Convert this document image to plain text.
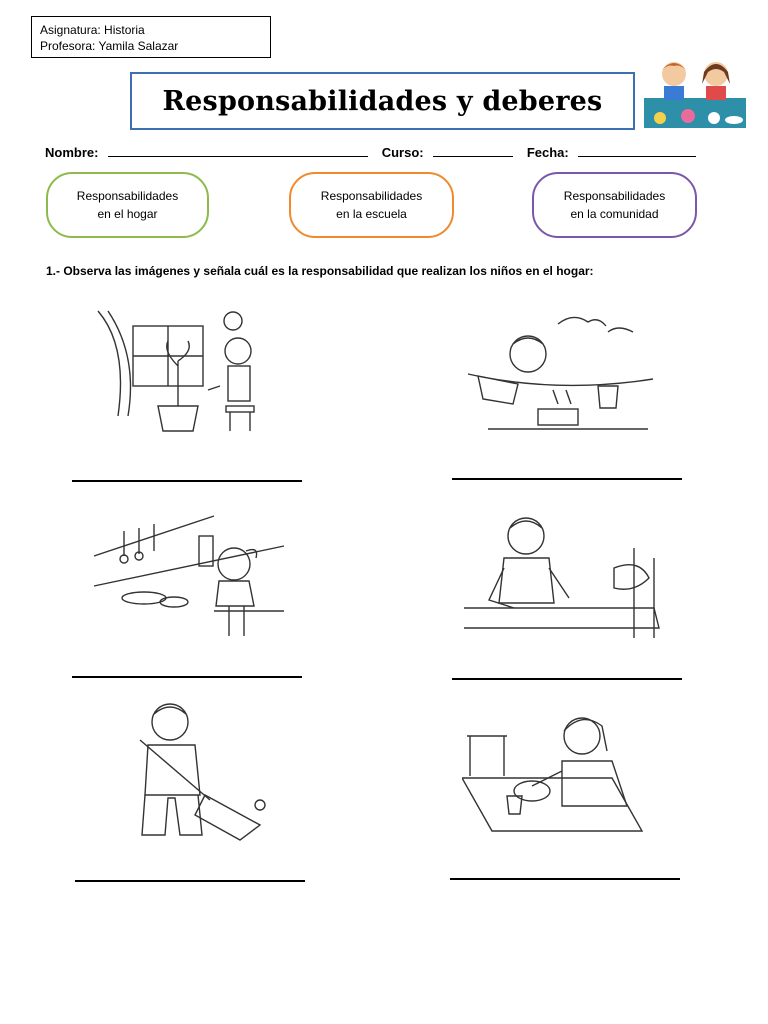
Asignatura: Historia
Profesora: Yamila Salazar
Responsabilidades y deberes
Nombre:	Curso:	Fecha:
Responsabilidades
en el hogar
Responsabilidades
en la escuela
Responsabilidades
en la comunidad
1.- Observa las imágenes y señala cuál es la responsabilidad que realizan los niños en el hogar:
